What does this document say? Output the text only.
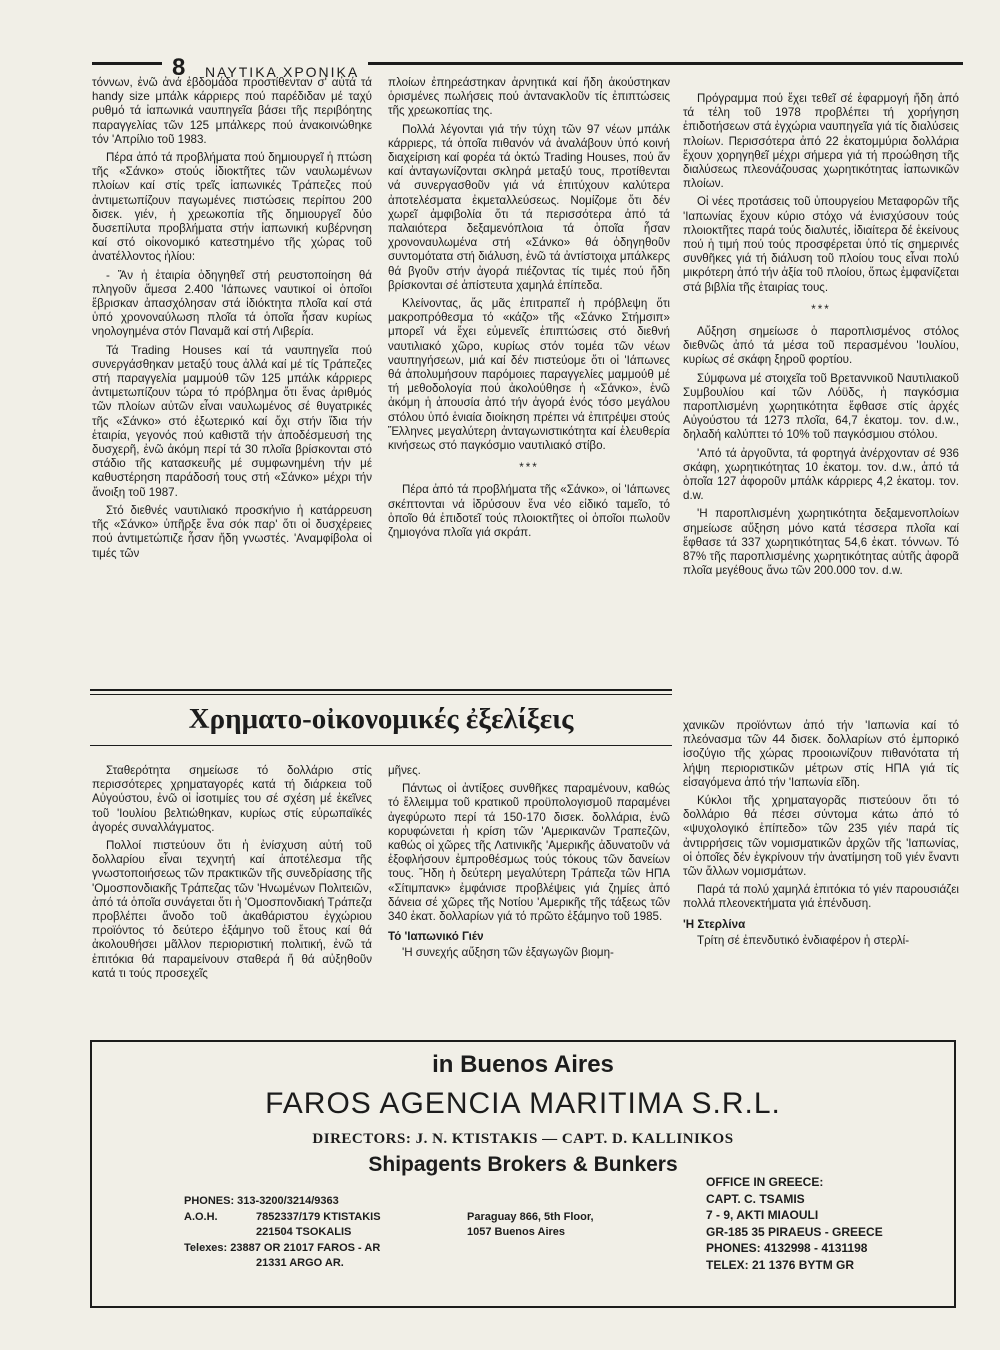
8 ΝΑΥΤΙΚΑ ΧΡΟΝΙΚΑ

τόννων, ἐνῶ ἀνά ἑβδομάδα προστίθενταν σ' αὐτά τά handy size μπάλκ κάρριερς πού παρέδιδαν μέ ταχύ ρυθμό τά ἰαπωνικά ναυπηγεῖα βάσει τῆς περιβόητης παραγγελίας τῶν 125 μπάλκερς πού ἀνακοινώθηκε τόν 'Απρίλιο τοῦ 1983.

Πέρα ἀπό τά προβλήματα πού δημιουργεῖ ἡ πτώση τῆς «Σάνκο» στούς ἰδιοκτῆτες τῶν ναυλωμένων πλοίων καί στίς τρεῖς ἰαπωνικές Τράπεζες πού ἀντιμετωπίζουν παγωμένες πιστώσεις περίπου 200 δισεκ. γιέν, ἡ χρεωκοπία τῆς δημιουργεῖ δύο δυσεπίλυτα προβλήματα στήν ἰαπωνική κυβέρνηση καί στό οἰκονομικό κατεστημένο τῆς χώρας τοῦ ἀνατέλλοντος ἡλίου:

- Ἄν ἡ ἑταιρία ὁδηγηθεῖ στή ρευστοποίηση θά πληγοῦν ἄμεσα 2.400 'Ιάπωνες ναυτικοί οἱ ὁποῖοι ἔβρισκαν ἀπασχόλησαν στά ἰδιόκτητα πλοῖα καί στά ὑπό χρονοναύλωση πλοῖα τά ὁποῖα ἦσαν κυρίως νηολογημένα στόν Παναμᾶ καί στή Λιβερία.

Τά Trading Houses καί τά ναυπηγεῖα πού συνεργάσθηκαν μεταξύ τους ἀλλά καί μέ τίς Τράπεζες στή παραγγελία μαμμούθ τῶν 125 μπάλκ κάρριερς ἀντιμετωπίζουν τώρα τό πρόβλημα ὅτι ἕνας ἀριθμός τῶν πλοίων αὐτῶν εἶναι ναυλωμένος σέ θυγατρικές τῆς «Σάνκο» στό ἐξωτερικό καί ὄχι στήν ἴδια τήν ἑταιρία, γεγονός πού καθιστᾶ τήν ἀποδέσμευσή της δυσχερῆ, ἐνῶ ἀκόμη περί τά 30 πλοῖα βρίσκονται στό στάδιο τῆς κατασκευῆς μέ συμφωνημένη τήν μέ καθυστέρηση παράδοσή τους στή «Σάνκο» μέχρι τήν ἄνοιξη τοῦ 1987.

Στό διεθνές ναυτιλιακό προσκήνιο ἡ κατάρρευση τῆς «Σάνκο» ὑπῆρξε ἕνα σόκ παρ' ὅτι οἱ δυσχέρειες πού ἀντιμετώπιζε ἦσαν ἤδη γνωστές. 'Αναμφίβολα οἱ τιμές τῶν

πλοίων ἐπηρεάστηκαν ἀρνητικά καί ἤδη ἀκούστηκαν ὁρισμένες πωλήσεις πού ἀντανακλοῦν τίς ἐπιπτώσεις τῆς χρεωκοπίας της.

Πολλά λέγονται γιά τήν τύχη τῶν 97 νέων μπάλκ κάρριερς, τά ὁποῖα πιθανόν νά ἀναλάβουν ὑπό κοινή διαχείριση καί φορέα τά ὀκτώ Trading Houses, πού ἄν καί ἀνταγωνίζονται σκληρά μεταξύ τους, προτίθενται νά συνεργασθοῦν γιά νά ἐπιτύχουν καλύτερα ἀποτελέσματα ἐκμεταλλεύσεως. Νομίζομε ὅτι δέν χωρεῖ ἀμφιβολία ὅτι τά περισσότερα ἀπό τά παλαιότερα δεξαμενόπλοια τά ὁποῖα ἦσαν χρονοναυλωμένα στή «Σάνκο» θά ὁδηγηθοῦν συντομότατα στή διάλυση, ἐνῶ τά ἀντίστοιχα μπάλκερς θά βγοῦν στήν ἀγορά πιέζοντας τίς τιμές πού ἤδη βρίσκονται σέ ἀπίστευτα χαμηλά ἐπίπεδα.

Κλείνοντας, ἄς μᾶς ἐπιτραπεῖ ἡ πρόβλεψη ὅτι μακροπρόθεσμα τό «κάζο» τῆς «Σάνκο Στήμσιπ» μπορεῖ νά ἔχει εὐμενεῖς ἐπιπτώσεις στό διεθνή ναυτιλιακό χῶρο, κυρίως στόν τομέα τῶν νέων ναυπηγήσεων, μιά καί δέν πιστεύομε ὅτι οἱ 'Ιάπωνες θά ἀπολυμήσουν παρόμοιες παραγγελίες μαμμούθ μέ τή μεθοδολογία πού ἀκολούθησε ἡ «Σάνκο», ἐνῶ ἀκόμη ἡ ἀπουσία ἀπό τήν ἀγορά ἑνός τόσο μεγάλου στόλου ὑπό ἑνιαία διοίκηση πρέπει νά ἐπιτρέψει στούς Ἕλληνες μεγαλύτερη ἀνταγωνιστικότητα καί ἐλευθερία κινήσεως στό παγκόσμιο ναυτιλιακό στίβο.

***

Πέρα ἀπό τά προβλήματα τῆς «Σάνκο», οἱ 'Ιάπωνες σκέπτονται νά ἱδρύσουν ἕνα νέο εἰδικό ταμεῖο, τό ὁποῖο θά ἐπιδοτεῖ τούς πλοιοκτῆτες οἱ ὁποῖοι πωλοῦν ζημιογόνα πλοῖα γιά σκράπ.

Πρόγραμμα πού ἔχει τεθεῖ σέ ἐφαρμογή ἤδη ἀπό τά τέλη τοῦ 1978 προβλέπει τή χορήγηση ἐπιδοτήσεων στά ἐγχώρια ναυπηγεῖα γιά τίς διαλύσεις πλοίων. Περισσότερα ἀπό 22 ἑκατομμύρια δολλάρια ἔχουν χορηγηθεῖ μέχρι σήμερα γιά τή προώθηση τῆς διαλύσεως πλεονάζουσας χωρητικότητας ἰαπωνικῶν πλοίων.

Οἱ νέες προτάσεις τοῦ ὑπουργείου Μεταφορῶν τῆς 'Ιαπωνίας ἔχουν κύριο στόχο νά ἐνισχύσουν τούς πλοιοκτῆτες παρά τούς διαλυτές, ἰδιαίτερα δέ ἐκείνους πού ἡ τιμή πού τούς προσφέρεται ὑπό τίς σημερινές συνθῆκες γιά τή διάλυση τοῦ πλοίου τους εἶναι πολύ μικρότερη ἀπό τήν ἀξία τοῦ πλοίου, ὅπως ἐμφανίζεται στά βιβλία τῆς ἑταιρίας τους.

***

Αὔξηση σημείωσε ὁ παροπλισμένος στόλος διεθνῶς ἀπό τά μέσα τοῦ περασμένου 'Ιουλίου, κυρίως σέ σκάφη ξηροῦ φορτίου.

Σύμφωνα μέ στοιχεῖα τοῦ Βρεταννικοῦ Ναυτιλιακοῦ Συμβουλίου καί τῶν Λόϋδς, ἡ παγκόσμια παροπλισμένη χωρητικότητα ἔφθασε στίς ἀρχές Αὐγούστου τά 1273 πλοῖα, 64,7 ἑκατομ. τον. d.w., δηλαδή καλύπτει τό 10% τοῦ παγκόσμιου στόλου.

'Από τά ἀργοῦντα, τά φορτηγά ἀνέρχονταν σέ 936 σκάφη, χωρητικότητας 10 ἑκατομ. τον. d.w., ἀπό τά ὁποῖα 127 ἀφοροῦν μπάλκ κάρριερς 4,2 ἑκατομ. τον. d.w.

'Η παροπλισμένη χωρητικότητα δεξαμενοπλοίων σημείωσε αὔξηση μόνο κατά τέσσερα πλοῖα καί ἔφθασε τά 337 χωρητικότητας 54,6 ἑκατ. τόννων. Τό 87% τῆς παροπλισμένης χωρητικότητας αὐτῆς ἀφορᾶ πλοῖα μεγέθους ἄνω τῶν 200.000 τον. d.w.

Χρηματο-οἰκονομικές ἐξελίξεις

Σταθερότητα σημείωσε τό δολλάριο στίς περισσότερες χρηματαγορές κατά τή διάρκεια τοῦ Αὐγούστου, ἐνῶ οἱ ἰσοτιμίες του σέ σχέση μέ ἐκεῖνες τοῦ 'Ιουλίου βελτιώθηκαν, κυρίως στίς εὐρωπαϊκές ἀγορές συναλλάγματος.

Πολλοί πιστεύουν ὅτι ἡ ἐνίσχυση αὐτή τοῦ δολλαρίου εἶναι τεχνητή καί ἀποτέλεσμα τῆς γνωστοποιήσεως τῶν πρακτικῶν τῆς συνεδρίασης τῆς 'Ομοσπονδιακῆς Τράπεζας τῶν 'Ηνωμένων Πολιτειῶν, ἀπό τά ὁποῖα συνάγεται ὅτι ἡ 'Ομοσπονδιακή Τράπεζα προβλέπει ἄνοδο τοῦ ἀκαθάριστου ἐγχώριου προϊόντος τό δεύτερο ἑξάμηνο τοῦ ἔτους καί θά ἀκολουθήσει μᾶλλον περιοριστική πολιτική, ἐνῶ τά ἐπιτόκια θά παραμείνουν σταθερά ἤ θά αὐξηθοῦν κατά τι τούς προσεχεῖς

μῆνες.

Πάντως οἱ ἀντίξοες συνθῆκες παραμένουν, καθώς τό ἔλλειμμα τοῦ κρατικοῦ προϋπολογισμοῦ παραμένει ἀγεφύρωτο περί τά 150-170 δισεκ. δολλάρια, ἐνῶ κορυφώνεται ἡ κρίση τῶν 'Αμερικανῶν Τραπεζῶν, καθώς οἱ χῶρες τῆς Λατινικῆς 'Αμερικῆς ἀδυνατοῦν νά ἐξοφλήσουν ἐμπροθέσμως τούς τόκους τῶν δανείων τους. Ἤδη ἡ δεύτερη μεγαλύτερη Τράπεζα τῶν ΗΠΑ «Σίτιμπανκ» ἐμφάνισε προβλέψεις γιά ζημίες ἀπό δάνεια σέ χῶρες τῆς Νοτίου 'Αμερικῆς τῆς τάξεως τῶν 340 ἑκατ. δολλαρίων γιά τό πρῶτο ἑξάμηνο τοῦ 1985.

Τό 'Ιαπωνικό Γιέν

'Η συνεχής αὔξηση τῶν ἐξαγωγῶν βιομη-

χανικῶν προϊόντων ἀπό τήν 'Ιαπωνία καί τό πλεόνασμα τῶν 44 δισεκ. δολλαρίων στό ἐμπορικό ἰσοζύγιο τῆς χώρας προοιωνίζουν πιθανότατα τή λήψη περιοριστικῶν μέτρων στίς ΗΠΑ γιά τίς εἰσαγόμενα ἀπό τήν 'Ιαπωνία εἴδη.

Κύκλοι τῆς χρηματαγορᾶς πιστεύουν ὅτι τό δολλάριο θά πέσει σύντομα κάτω ἀπό τό «ψυχολογικό ἐπίπεδο» τῶν 235 γιέν παρά τίς ἀντιρρήσεις τῶν νομισματικῶν ἀρχῶν τῆς 'Ιαπωνίας, οἱ ὁποῖες δέν ἐγκρίνουν τήν ἀνατίμηση τοῦ γιέν ἔναντι τῶν ἄλλων νομισμάτων.

Παρά τά πολύ χαμηλά ἐπιτόκια τό γιέν παρουσιάζει πολλά πλεονεκτήματα γιά ἐπένδυση.

'Η Στερλίνα

Τρίτη σέ ἐπενδυτικό ἐνδιαφέρον ἡ στερλί-

in Buenos Aires
FAROS AGENCIA MARITIMA S.R.L.
DIRECTORS: J. N. KTISTAKIS — CAPT. D. KALLINIKOS
Shipagents Brokers & Bunkers
PHONES: 313-3200/3214/9363
A.O.H.	7852337/179 KTISTAKIS
221504 TSOKALIS
Telexes: 23887 OR 21017 FAROS - AR
21331 ARGO AR.
Paraguay 866, 5th Floor,
1057 Buenos Aires
OFFICE IN GREECE:
CAPT. C. TSAMIS
7 - 9, AKTI MIAOULI
GR-185 35 PIRAEUS - GREECE
PHONES: 4132998 - 4131198
TELEX: 21 1376 BYTM GR
